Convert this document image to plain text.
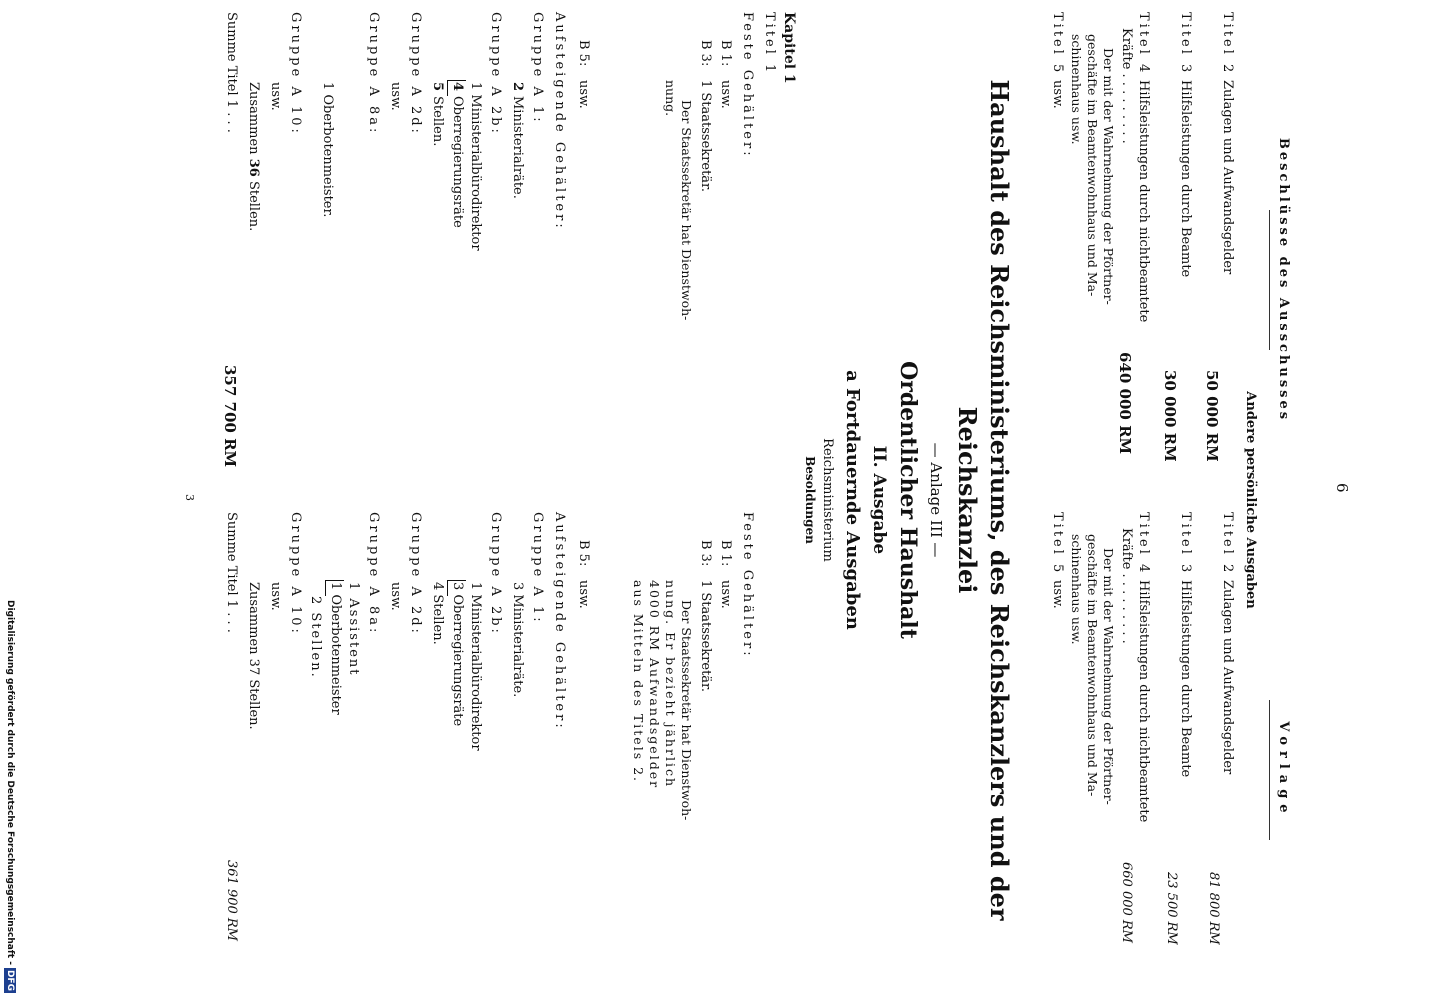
6
Beschlüsse des Ausschusses
Vorlage
Andere persönliche Ausgaben
Titel 2
Zulagen und Aufwandsgelder
50 000 RM
Titel 3
Hilfsleistungen durch Beamte
30 000 RM
Titel 4
Hilfsleistungen durch nichtbeamtete
Kräfte . . . . . . . . .
640 000 RM
Der mit der Wahrnehmung der Pförtner-
geschäfte im Beamtenwohnhaus und Ma-
schinenhaus usw.
Titel 5
usw.
Titel 2
Zulagen und Aufwandsgelder
81 800 RM
Titel 3
Hilfsleistungen durch Beamte
23 500 RM
Titel 4
Hilfsleistungen durch nichtbeamtete
Kräfte . . . . . . . . .
660 000 RM
Der mit der Wahrnehmung der Pförtner-
geschäfte im Beamtenwohnhaus und Ma-
schinenhaus usw.
Titel 5
usw.
Haushalt des Reichsministeriums, des Reichskanzlers und der
Reichskanzlei
— Anlage III —
Ordentlicher Haushalt
II. Ausgabe
a Fortdauernde Ausgaben
Reichsministerium
Besoldungen
Kapitel 1
Titel 1
Feste Gehälter:
B 1:
usw.
B 3:
1 Staatssekretär.
Der Staatssekretär hat Dienstwoh-
nung.
B 5:
usw.
Aufsteigende Gehälter:
Gruppe A 1:
2
Ministerialräte.
Gruppe A 2b:
1 Ministerialbürodirektor
4
Oberregierungsräte
5
Stellen.
Gruppe A 2d:
usw.
Gruppe A 8a:
1 Oberbotenmeister.
Gruppe A 10:
usw.
Zusammen 36 Stellen.
Summe Titel 1 . . .
357 700 RM
Feste Gehälter:
B 1:
usw.
B 3:
1 Staatssekretär.
Der Staatssekretär hat Dienstwoh-
nung. Er bezieht jährlich
4000 RM Aufwandsgelder
aus Mitteln des Titels 2.
B 5:
usw.
Aufsteigende Gehälter:
Gruppe A 1:
3 Ministerialräte.
Gruppe A 2b:
1 Ministerialbürodirektor
3 Oberregierungsräte
4 Stellen.
Gruppe A 2d:
usw.
Gruppe A 8a:
1 Assistent
1 Oberbotenmeister
2 Stellen.
Gruppe A 10:
usw.
Zusammen 37 Stellen.
Summe Titel 1 . . .
361 900 RM
3
Digitalisierung gefördert durch die Deutsche Forschungsgemeinschaft -DFG
